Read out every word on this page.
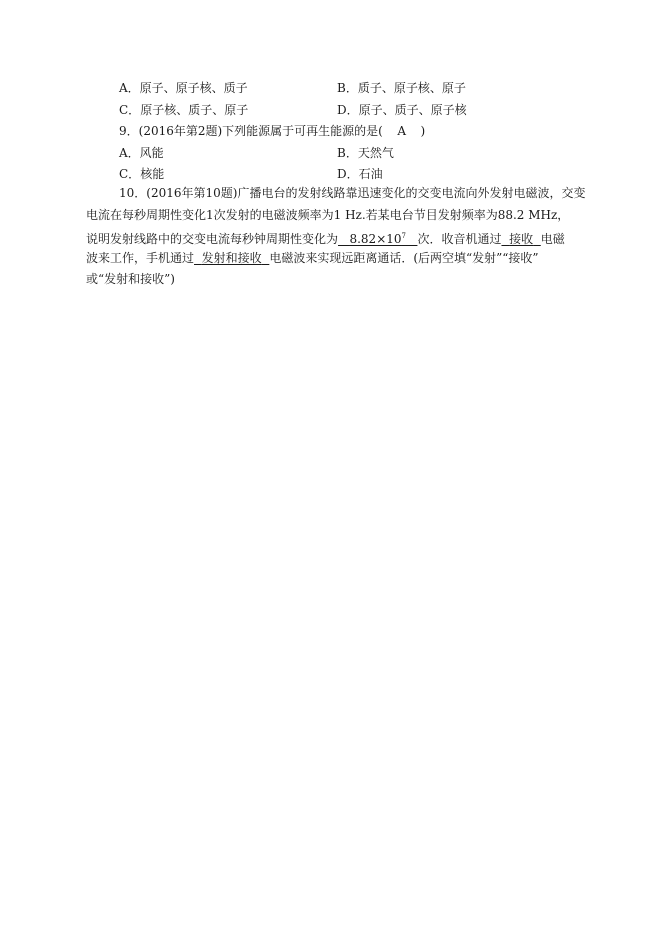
A．原子、原子核、质子	B．质子、原子核、原子
C．原子核、质子、原子	D．原子、质子、原子核
9．(2016年第2题)下列能源属于可再生能源的是( A )
A．风能	B．天然气
C．核能	D．石油
10．(2016年第10题)广播电台的发射线路靠迅速变化的交变电流向外发射电磁波，交变
电流在每秒周期性变化1次发射的电磁波频率为1 Hz.若某电台节目发射频率为88.2 MHz，
说明发射线路中的交变电流每秒钟周期性变化为 $8.82\times 10^7$ 次．收音机通过 接收 电磁
波来工作，手机通过 发射和接收 电磁波来实现远距离通话．(后两空填“发射”“接收”
或“发射和接收”)
